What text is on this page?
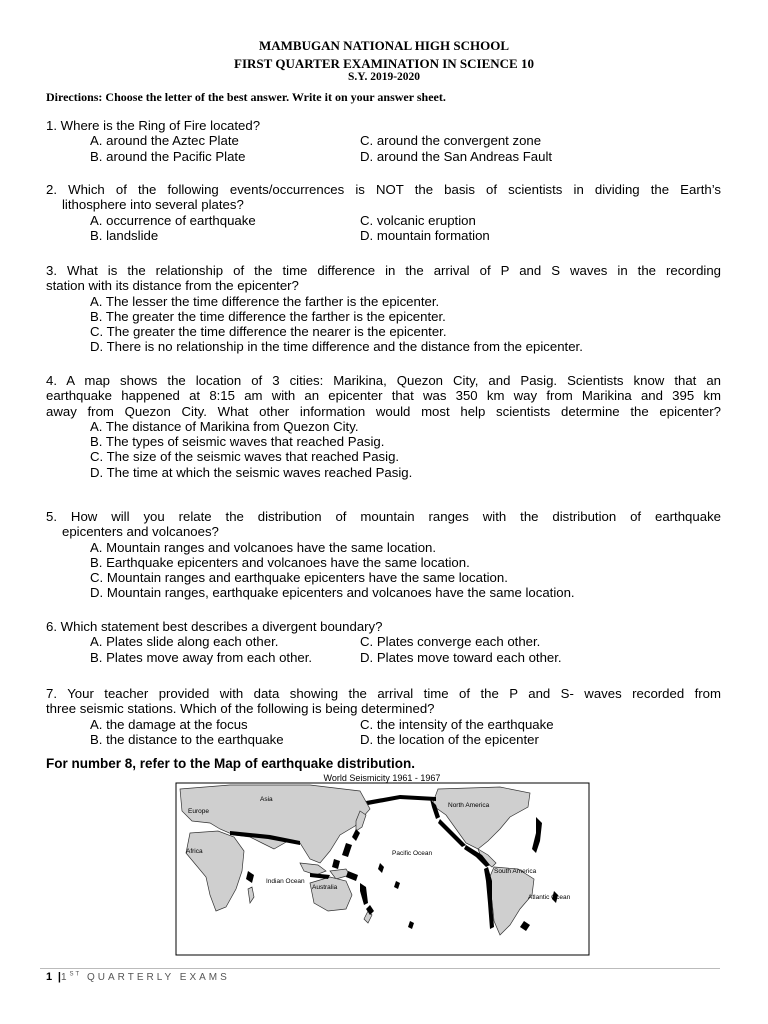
MAMBUGAN NATIONAL HIGH SCHOOL
FIRST QUARTER EXAMINATION IN SCIENCE 10
S.Y. 2019-2020
Directions: Choose the letter of the best answer. Write it on your answer sheet.
1. Where is the Ring of Fire located?
A. around the Aztec Plate	C. around the convergent zone
B. around the Pacific Plate	D. around the San Andreas Fault
2. Which of the following events/occurrences is NOT the basis of scientists in dividing the Earth’s
lithosphere into several plates?
A. occurrence of earthquake	C. volcanic eruption
B. landslide	D. mountain formation
3. What is the relationship of the time difference in the arrival of P and S waves in the recording
station with its distance from the epicenter?
A. The lesser the time difference the farther is the epicenter.
B. The greater the time difference the farther is the epicenter.
C. The greater the time difference the nearer is the epicenter.
D. There is no relationship in the time difference and the distance from the epicenter.
4. A map shows the location of 3 cities: Marikina, Quezon City, and Pasig. Scientists know that an
earthquake happened at 8:15 am with an epicenter that was 350 km way from Marikina and 395 km
away from Quezon City. What other information would most help scientists determine the epicenter?
A. The distance of Marikina from Quezon City.
B. The types of seismic waves that reached Pasig.
C. The size of the seismic waves that reached Pasig.
D. The time at which the seismic waves reached Pasig.
5. How will you relate the distribution of mountain ranges with the distribution of earthquake
epicenters and volcanoes?
A. Mountain ranges and volcanoes have the same location.
B. Earthquake epicenters and volcanoes have the same location.
C. Mountain ranges and earthquake epicenters have the same location.
D. Mountain ranges, earthquake epicenters and volcanoes have the same location.
6. Which statement best describes a divergent boundary?
A. Plates slide along each other.	C. Plates converge each other.
B. Plates move away from each other.	D. Plates move toward each other.
7. Your teacher provided with data showing the arrival time of the P and S- waves recorded from
three seismic stations. Which of the following is being determined?
A. the damage at the focus	C. the intensity of the earthquake
B. the distance to the earthquake	D. the location of the epicenter
For number 8, refer to the Map of earthquake distribution.
World Seismicity 1961 - 1967
Asia
Europe
Africa
North America
Pacific Ocean
Indian Ocean
Australia
South America
Atlantic Ocean
1 |1ST QUARTERLY EXAMS
